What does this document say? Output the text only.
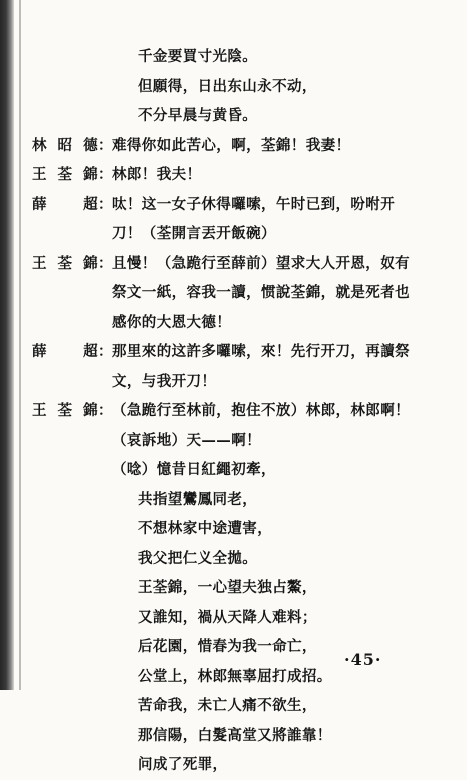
千金要買寸光陰。
但願得，日出东山永不动，
不分早晨与黄昏。
林昭德 ： 难得你如此苦心，啊，荃錦！我妻！
王荃錦 ： 林郎！我夫！
薛　超 ： 呔！这一女子休得囉嗦，午时已到，吩咐开
刀！（荃開言丟开飯碗）
王荃錦 ： 且慢！（急跪行至薛前）望求大人开恩，奴有
祭文一紙，容我一讀，惯說荃錦，就是死者也
感你的大恩大德！
薛　超 ： 那里來的这許多囉嗦，來！先行开刀，再讀祭
文，与我开刀！
王荃錦 ： （急跪行至林前，抱住不放）林郎，林郎啊！
（哀訴地）天——啊！
（唸）憶昔日紅繩初牽，
共指望鸞鳳同老，
不想林家中途遭害，
我父把仁义全拋。
王荃錦，一心望夫独占鰲，
又誰知，禍从天降人难料；
后花園，惜春为我一命亡，
公堂上，林郎無辜屈打成招。
苦命我，未亡人痛不欲生，
那信陽，白髮高堂又將誰靠！
问成了死罪，
·45·
